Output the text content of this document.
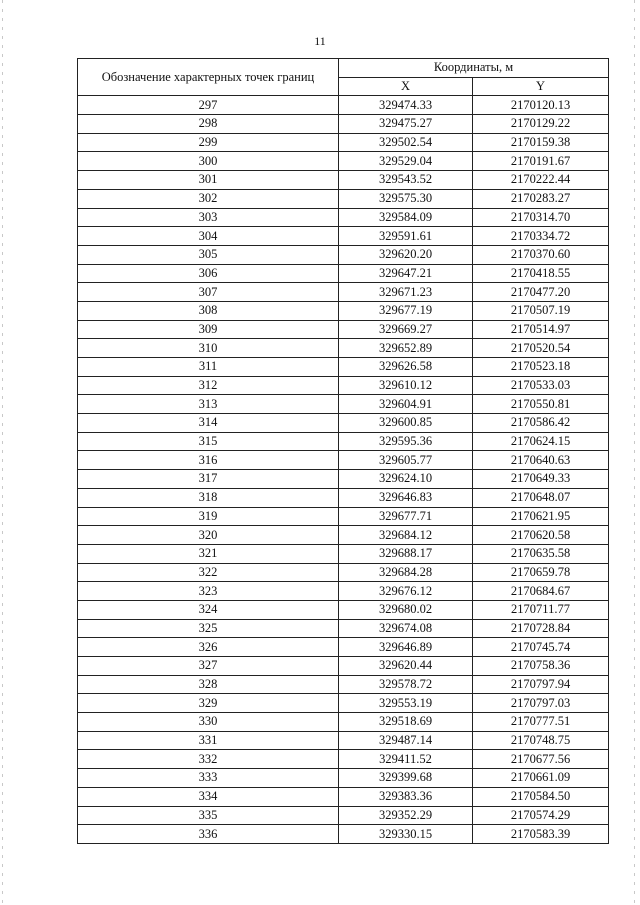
11
Обозначение характерных точек границ	Координаты, м	
	X	Y
297	329474.33	2170120.13
298	329475.27	2170129.22
299	329502.54	2170159.38
300	329529.04	2170191.67
301	329543.52	2170222.44
302	329575.30	2170283.27
303	329584.09	2170314.70
304	329591.61	2170334.72
305	329620.20	2170370.60
306	329647.21	2170418.55
307	329671.23	2170477.20
308	329677.19	2170507.19
309	329669.27	2170514.97
310	329652.89	2170520.54
311	329626.58	2170523.18
312	329610.12	2170533.03
313	329604.91	2170550.81
314	329600.85	2170586.42
315	329595.36	2170624.15
316	329605.77	2170640.63
317	329624.10	2170649.33
318	329646.83	2170648.07
319	329677.71	2170621.95
320	329684.12	2170620.58
321	329688.17	2170635.58
322	329684.28	2170659.78
323	329676.12	2170684.67
324	329680.02	2170711.77
325	329674.08	2170728.84
326	329646.89	2170745.74
327	329620.44	2170758.36
328	329578.72	2170797.94
329	329553.19	2170797.03
330	329518.69	2170777.51
331	329487.14	2170748.75
332	329411.52	2170677.56
333	329399.68	2170661.09
334	329383.36	2170584.50
335	329352.29	2170574.29
336	329330.15	2170583.39
